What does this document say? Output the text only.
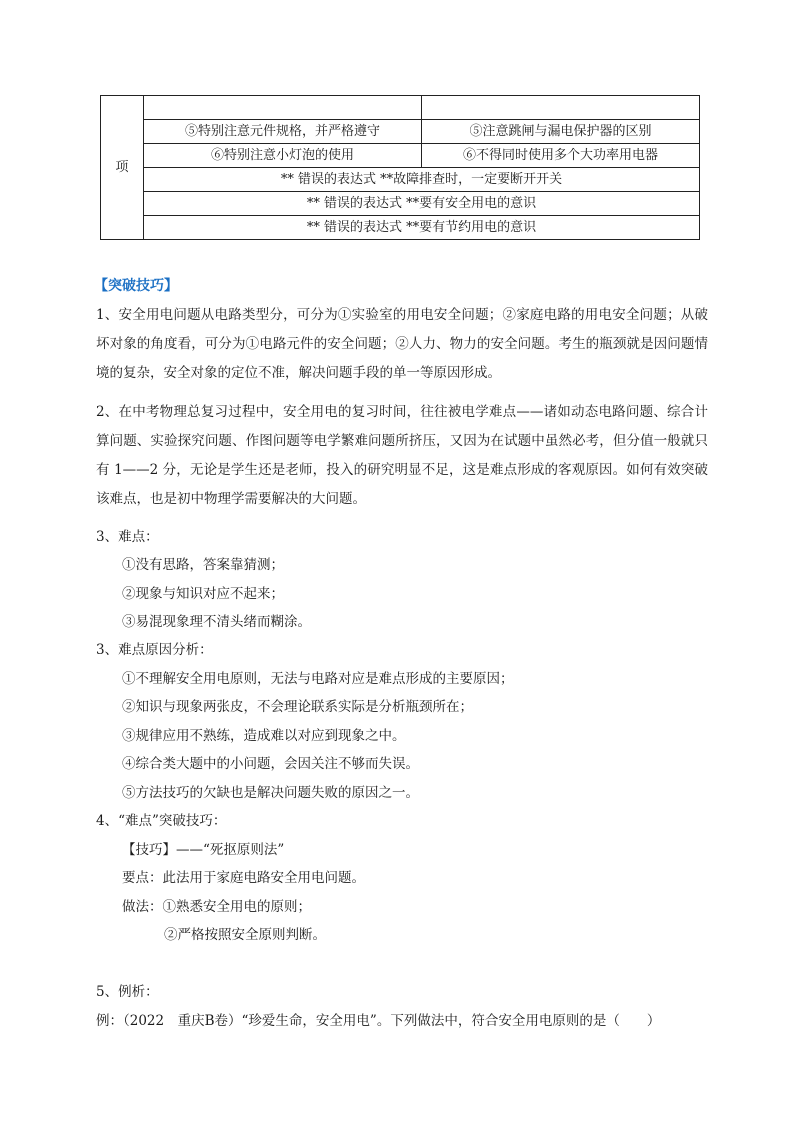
项		
	⑤特别注意元件规格，并严格遵守	⑤注意跳闸与漏电保护器的区别
	⑥特别注意小灯泡的使用	⑥不得同时使用多个大功率用电器
	** 错误的表达式 **故障排查时，一定要断开开关	
	** 错误的表达式 **要有安全用电的意识	
	** 错误的表达式 **要有节约用电的意识	
【突破技巧】
1、安全用电问题从电路类型分，可分为①实验室的用电安全问题；②家庭电路的用电安全问题；从破坏对象的角度看，可分为①电路元件的安全问题；②人力、物力的安全问题。考生的瓶颈就是因问题情境的复杂，安全对象的定位不准，解决问题手段的单一等原因形成。
2、在中考物理总复习过程中，安全用电的复习时间，往往被电学难点——诸如动态电路问题、综合计算问题、实验探究问题、作图问题等电学繁难问题所挤压，又因为在试题中虽然必考，但分值一般就只有 1——2 分，无论是学生还是老师，投入的研究明显不足，这是难点形成的客观原因。如何有效突破该难点，也是初中物理学需要解决的大问题。
3、难点：
①没有思路，答案靠猜测；
②现象与知识对应不起来；
③易混现象理不清头绪而糊涂。
3、难点原因分析：
①不理解安全用电原则，无法与电路对应是难点形成的主要原因；
②知识与现象两张皮，不会理论联系实际是分析瓶颈所在；
③规律应用不熟练，造成难以对应到现象之中。
④综合类大题中的小问题，会因关注不够而失误。
⑤方法技巧的欠缺也是解决问题失败的原因之一。
4、“难点”突破技巧：
【技巧】——“死抠原则法”
要点：此法用于家庭电路安全用电问题。
做法：①熟悉安全用电的原则；
②严格按照安全原则判断。
5、例析：
例：（2022　重庆B卷）“珍爱生命，安全用电”。下列做法中，符合安全用电原则的是（　　）
